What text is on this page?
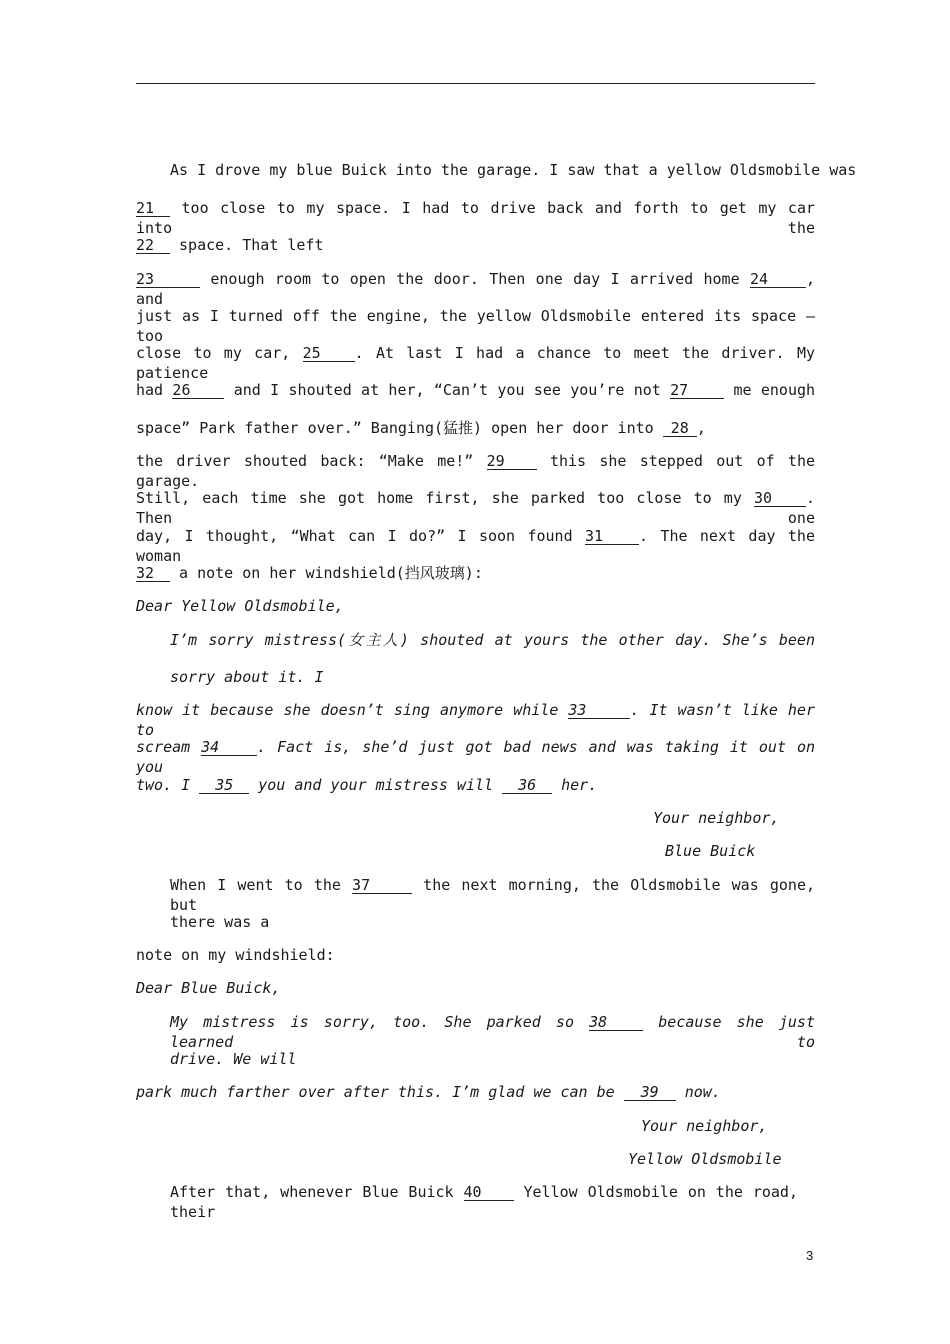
As I drove my blue Buick into the garage. I saw that a yellow Oldsmobile was
21 too close to my space. I had to drive back and forth to get my car into the
22 space. That left
23	enough room to open the door. Then one day I arrived home 24	, and
just as I turned off the engine, the yellow Oldsmobile entered its space — too
close to my car, 25 . At last I had a chance to meet the driver. My patience
had 26	and I shouted at her, “Can’t you see you’re not 27	me enough
space” Park father over.” Banging(猛推) open her door into 28 ,
the driver shouted back: “Make me!” 29	this she stepped out of the garage.
Still, each time she got home first, she parked too close to my 30 . Then one
day, I thought, “What can I do?” I soon found 31 . The next day the woman
32 a note on her windshield(挡风玻璃):
Dear Yellow Oldsmobile,
I’m sorry mistress(女主人) shouted at yours the other day. She’s been
sorry about it. I
know it because she doesn’t sing anymore while 33	. It wasn’t like her to
scream 34	. Fact is, she’d just got bad news and was taking it out on you
two. I 35 you and your mistress will 36 her.
Your neighbor,
Blue Buick
When I went to the 37	the next morning, the Oldsmobile was gone, but
there was a
note on my windshield:
Dear Blue Buick,
My mistress is sorry, too. She parked so 38	because she just learned to
drive. We will
park much farther over after this. I’m glad we can be 39 now.
Your neighbor,
Yellow Oldsmobile
After that, whenever Blue Buick 40	Yellow Oldsmobile on the road, their
3
